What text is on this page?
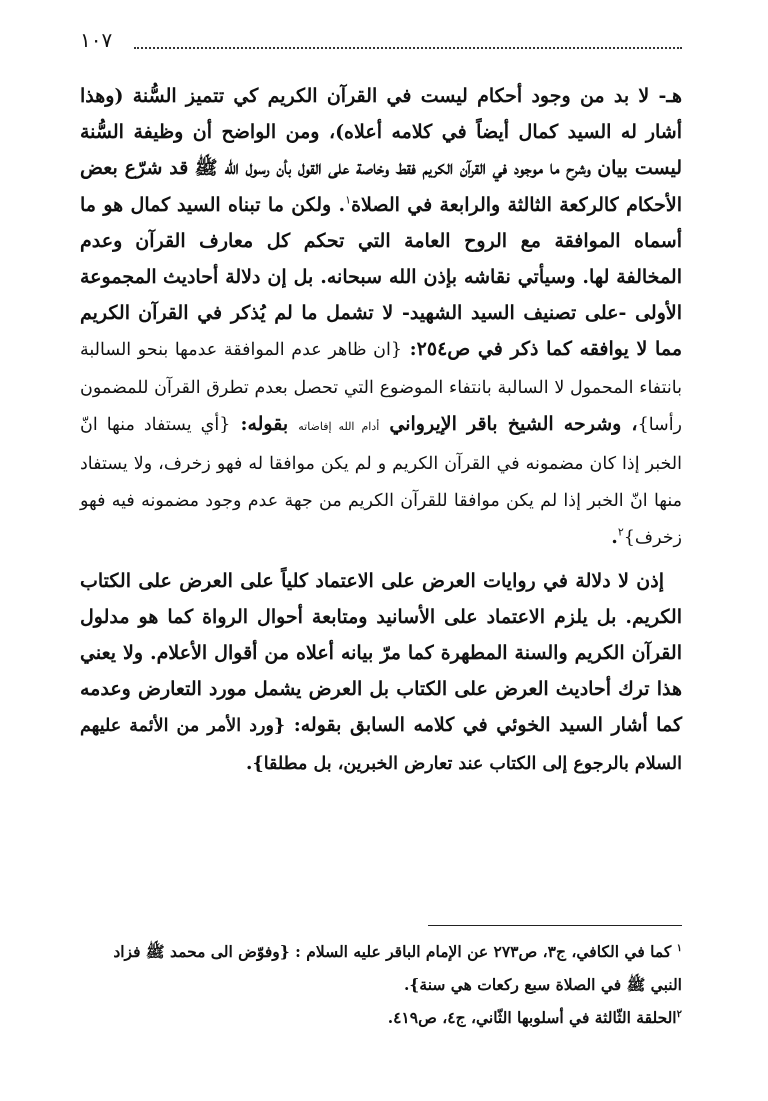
١٠٧

هـ- لا بد من وجود أحكام ليست في القرآن الكريم كي تتميز السُّنة (وهذا أشار له السيد كمال أيضاً في كلامه أعلاه)، ومن الواضح أن وظيفة السُّنة ليست بيان وشرح ما موجود في القرآن الكريم فقط وخاصة على القول بأن رسول الله ﷺ قد شرّع بعض الأحكام كالركعة الثالثة والرابعة في الصلاة$^١$. ولكن ما تبناه السيد كمال هو ما أسماه الموافقة مع الروح العامة التي تحكم كل معارف القرآن وعدم المخالفة لها. وسيأتي نقاشه بإذن الله سبحانه. بل إن دلالة أحاديث المجموعة الأولى -على تصنيف السيد الشهيد- لا تشمل ما لم يُذكر في القرآن الكريم مما لا يوافقه كما ذكر في ص٢٥٤: {ان ظاهر عدم الموافقة عدمها بنحو السالبة بانتفاء المحمول لا السالبة بانتفاء الموضوع التي تحصل بعدم تطرق القرآن للمضمون رأسا}، وشرحه الشيخ باقر الإيرواني أدام الله إفاضاته بقوله: {أي يستفاد منها انّ الخبر إذا كان مضمونه في القرآن الكريم و لم يكن موافقا له فهو زخرف، ولا يستفاد منها انّ الخبر إذا لم يكن موافقا للقرآن الكريم من جهة عدم وجود مضمونه فيه فهو زخرف}$^٢$.

إذن لا دلالة في روايات العرض على الاعتماد كلياً على العرض على الكتاب الكريم. بل يلزم الاعتماد على الأسانيد ومتابعة أحوال الرواة كما هو مدلول القرآن الكريم والسنة المطهرة كما مرّ بيانه أعلاه من أقوال الأعلام. ولا يعني هذا ترك أحاديث العرض على الكتاب بل العرض يشمل مورد التعارض وعدمه كما أشار السيد الخوئي في كلامه السابق بقوله: {ورد الأمر من الأئمة عليهم السلام بالرجوع إلى الكتاب عند تعارض الخبرين، بل مطلقا}.

$^١$ كما في الكافي، ج٣، ص٢٧٣ عن الإمام الباقر عليه السلام : {وفوّض الى محمد ﷺ فزاد النبي ﷺ في الصلاة سبع ركعات هي سنة}.

$^٢$الحلقة الثّالثة في أسلوبها الثّاني، ج٤، ص٤١٩.
